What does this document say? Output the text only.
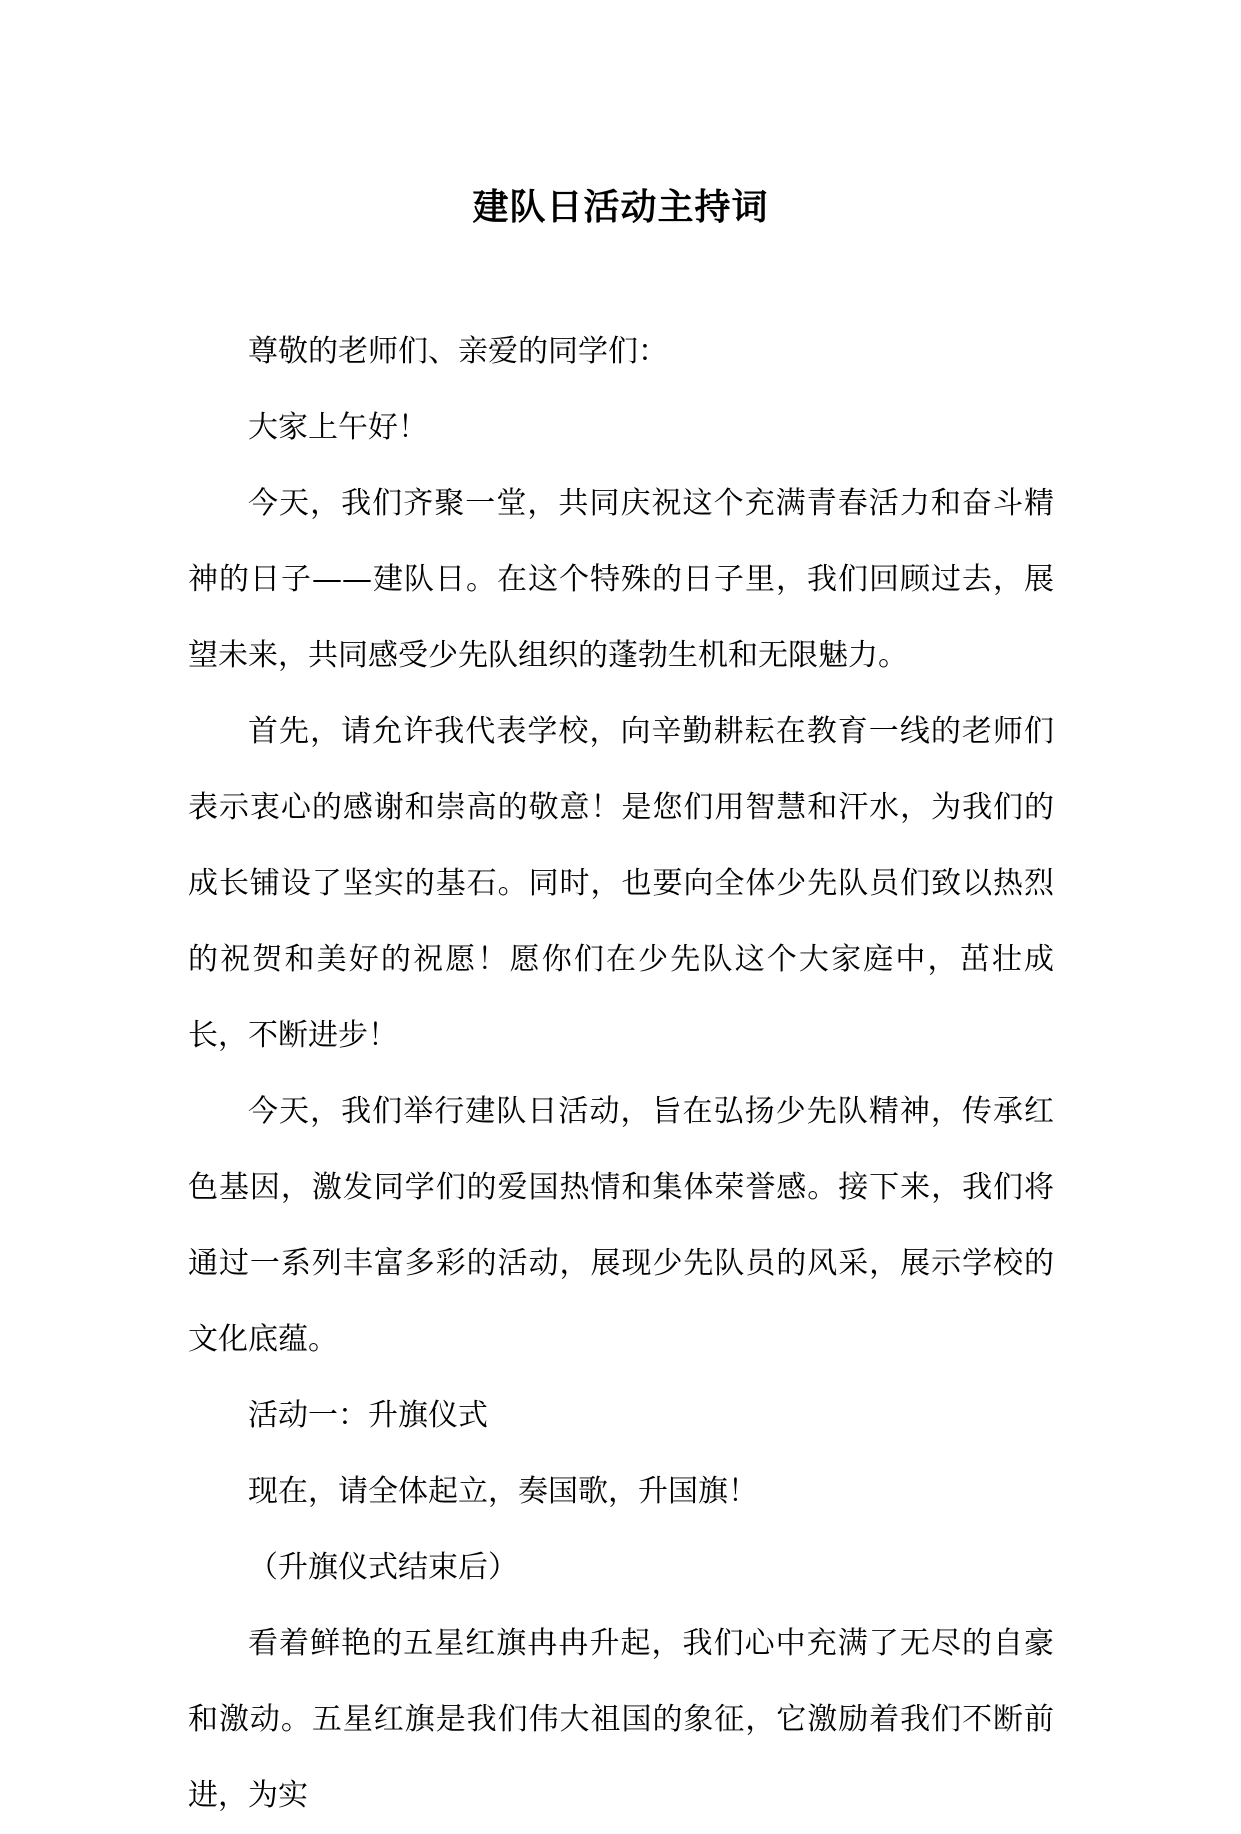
建队日活动主持词

尊敬的老师们、亲爱的同学们：

大家上午好！

今天，我们齐聚一堂，共同庆祝这个充满青春活力和奋斗精神的日子——建队日。在这个特殊的日子里，我们回顾过去，展望未来，共同感受少先队组织的蓬勃生机和无限魅力。

首先，请允许我代表学校，向辛勤耕耘在教育一线的老师们表示衷心的感谢和崇高的敬意！是您们用智慧和汗水，为我们的成长铺设了坚实的基石。同时，也要向全体少先队员们致以热烈的祝贺和美好的祝愿！愿你们在少先队这个大家庭中，茁壮成长，不断进步！

今天，我们举行建队日活动，旨在弘扬少先队精神，传承红色基因，激发同学们的爱国热情和集体荣誉感。接下来，我们将通过一系列丰富多彩的活动，展现少先队员的风采，展示学校的文化底蕴。

活动一：升旗仪式

现在，请全体起立，奏国歌，升国旗！

（升旗仪式结束后）

看着鲜艳的五星红旗冉冉升起，我们心中充满了无尽的自豪和激动。五星红旗是我们伟大祖国的象征，它激励着我们不断前进，为实
